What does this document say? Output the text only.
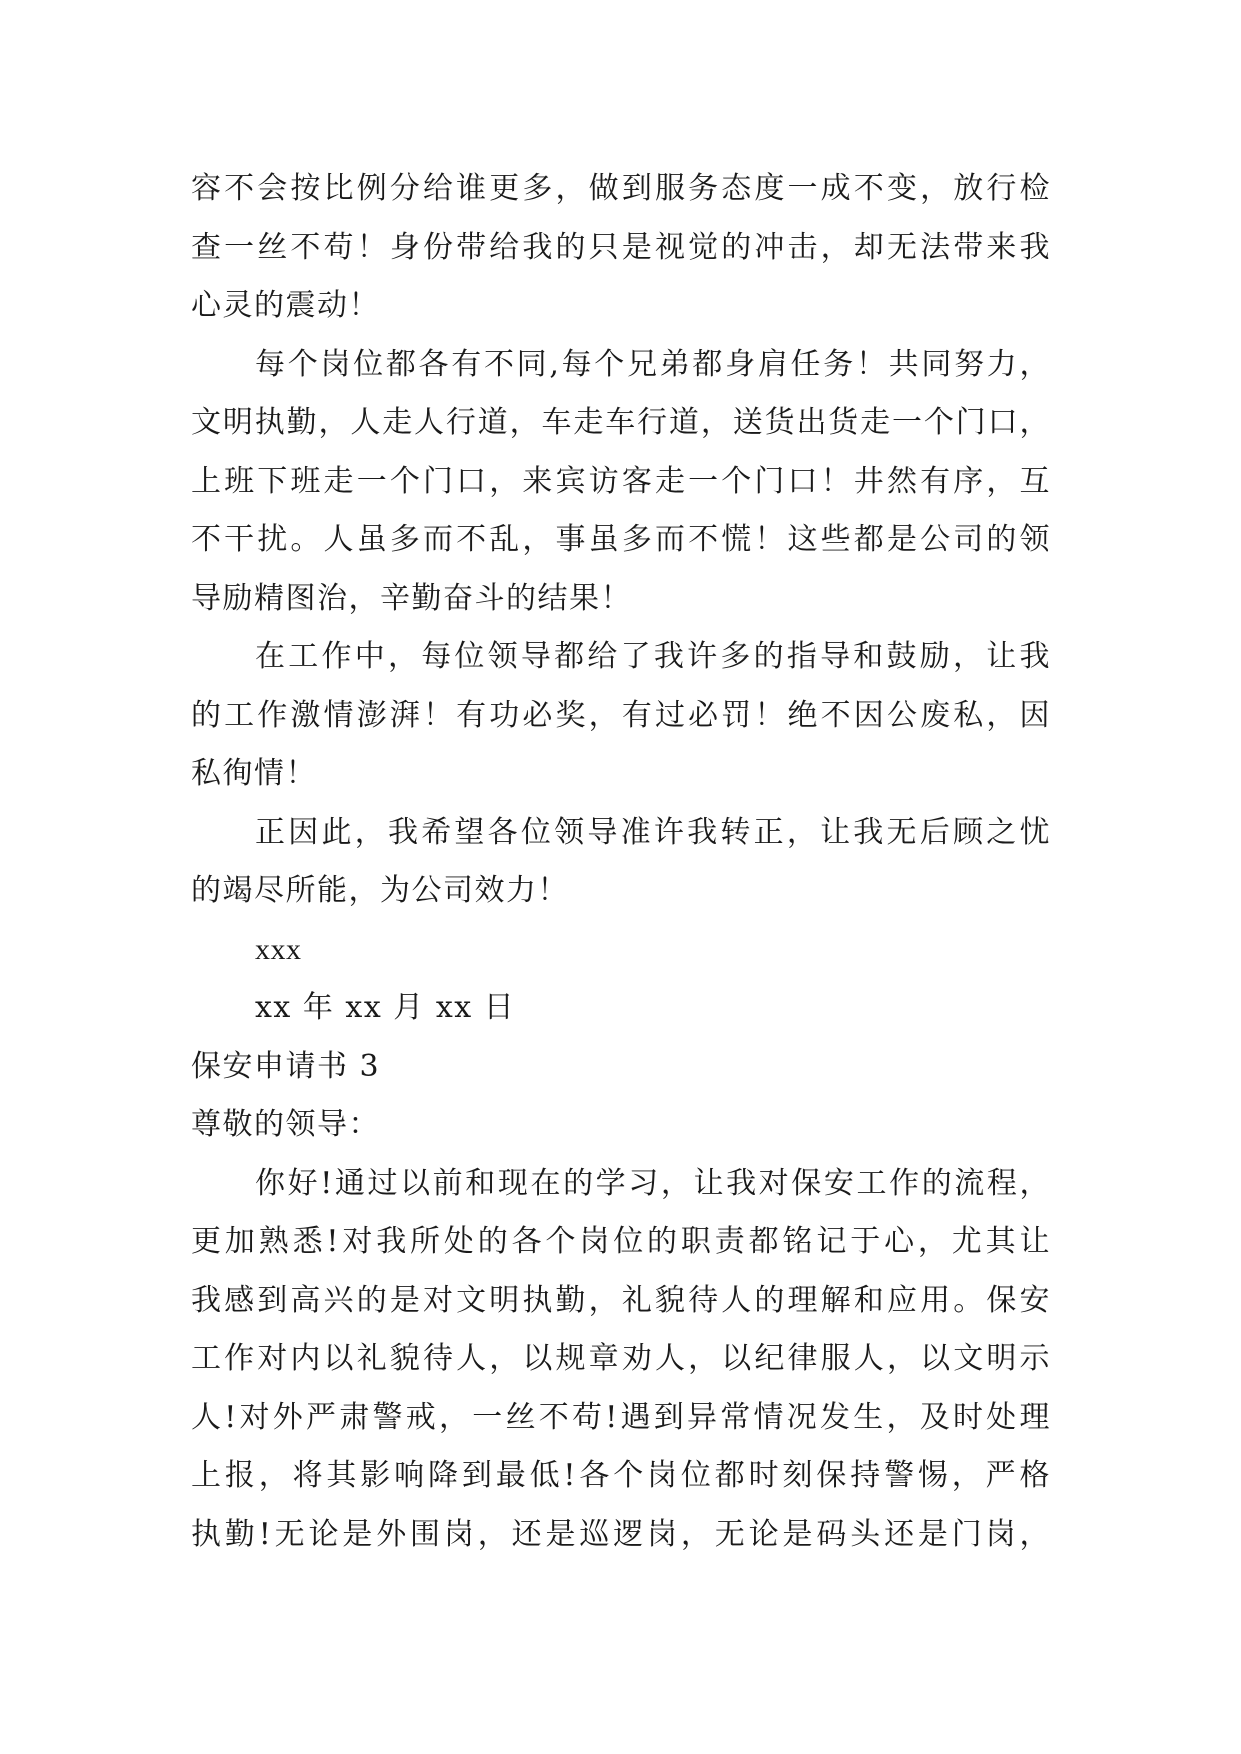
容不会按比例分给谁更多，做到服务态度一成不变，放行检
查一丝不苟！身份带给我的只是视觉的冲击，却无法带来我
心灵的震动！
每个岗位都各有不同,每个兄弟都身肩任务！共同努力，
文明执勤，人走人行道，车走车行道，送货出货走一个门口，
上班下班走一个门口，来宾访客走一个门口！井然有序，互
不干扰。人虽多而不乱，事虽多而不慌！这些都是公司的领
导励精图治，辛勤奋斗的结果！
在工作中，每位领导都给了我许多的指导和鼓励，让我
的工作激情澎湃！有功必奖，有过必罚！绝不因公废私，因
私徇情！
正因此，我希望各位领导准许我转正，让我无后顾之忧
的竭尽所能，为公司效力！
xxx
xx 年 xx 月 xx 日
保安申请书 3
尊敬的领导：
你好!通过以前和现在的学习，让我对保安工作的流程，
更加熟悉!对我所处的各个岗位的职责都铭记于心，尤其让
我感到高兴的是对文明执勤，礼貌待人的理解和应用。保安
工作对内以礼貌待人，以规章劝人，以纪律服人，以文明示
人!对外严肃警戒，一丝不苟!遇到异常情况发生，及时处理
上报，将其影响降到最低!各个岗位都时刻保持警惕，严格
执勤!无论是外围岗，还是巡逻岗，无论是码头还是门岗，
